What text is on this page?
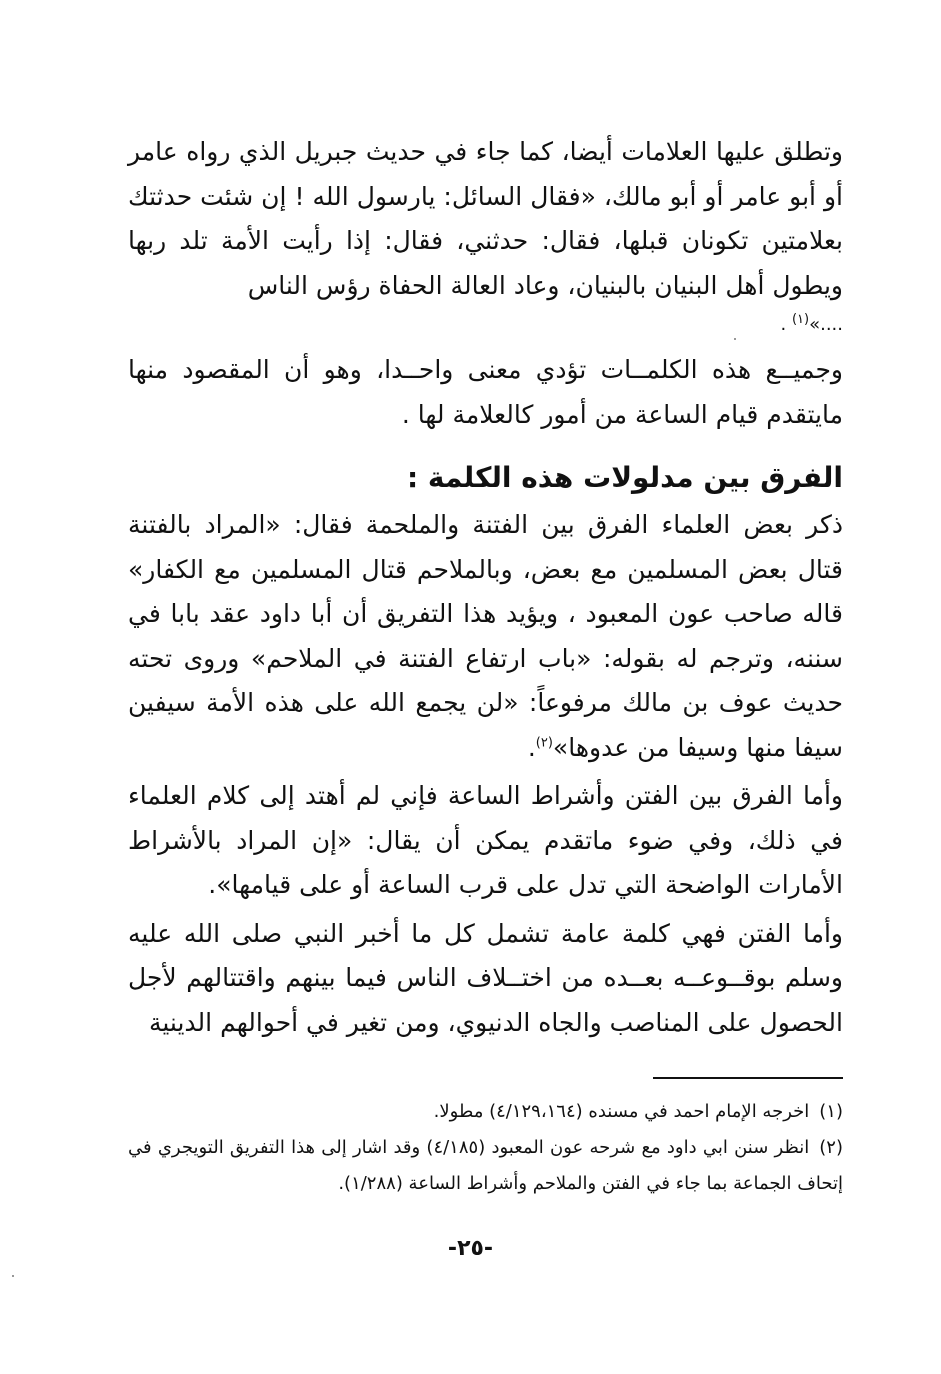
وتطلق عليها العلامات أيضا، كما جاء في حديث جبريل الذي رواه عامر أو أبو عامر أو أبو مالك، «فقال السائل: يارسول الله ! إن شئت حدثتك بعلامتين تكونان قبلها، فقال: حدثني، فقال: إذا رأيت الأمة تلد ربها ويطول أهل البنيان بالبنيان، وعاد العالة الحفاة رؤس الناس

....»$^{(١)}$ .

وجميــع هذه الكلمــات تؤدي معنى واحــدا، وهو أن المقصود منها مايتقدم قيام الساعة من أمور كالعلامة لها .

الفرق بين مدلولات هذه الكلمة :

ذكر بعض العلماء الفرق بين الفتنة والملحمة فقال: «المراد بالفتنة قتال بعض المسلمين مع بعض، وبالملاحم قتال المسلمين مع الكفار» قاله صاحب عون المعبود ، ويؤيد هذا التفريق أن أبا داود عقد بابا في سننه، وترجم له بقوله: «باب ارتفاع الفتنة في الملاحم» وروى تحته حديث عوف بن مالك مرفوعاً: «لن يجمع الله على هذه الأمة سيفين سيفا منها وسيفا من عدوها»$^{(٢)}$.

وأما الفرق بين الفتن وأشراط الساعة فإني لم أهتد إلى كلام العلماء في ذلك، وفي ضوء ماتقدم يمكن أن يقال: «إن المراد بالأشراط الأمارات الواضحة التي تدل على قرب الساعة أو على قيامها».

وأما الفتن فهي كلمة عامة تشمل كل ما أخبر النبي صلى الله عليه وسلم بوقــوعــه بعــده من اختــلاف الناس فيما بينهم واقتتالهم لأجل الحصول على المناصب والجاه الدنيوي، ومن تغير في أحوالهم الدينية

(١)اخرجه الإمام احمد في مسنده (٤/١٢٩،١٦٤) مطولا.

(٢)انظر سنن ابي داود مع شرحه عون المعبود (٤/١٨٥) وقد اشار إلى هذا التفريق التويجري في إتحاف الجماعة بما جاء في الفتن والملاحم وأشراط الساعة (١/٢٨٨).

-٢٥-
